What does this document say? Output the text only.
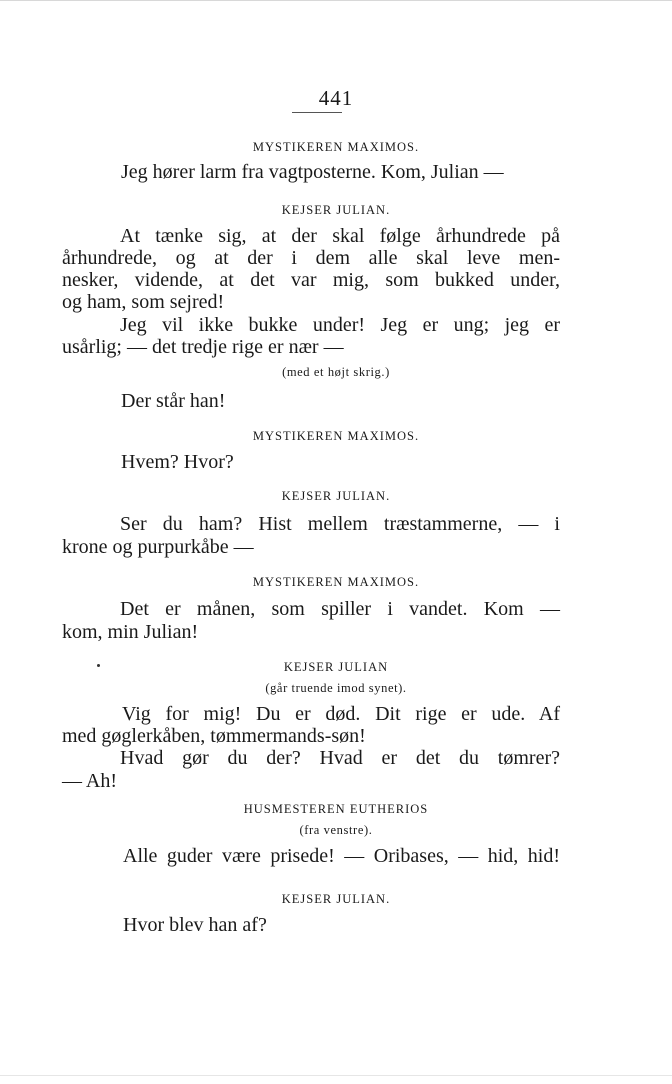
441
MYSTIKEREN MAXIMOS.
Jeg hører larm fra vagtposterne. Kom, Julian —
KEJSER JULIAN.
At tænke sig, at der skal følge århundrede på
århundrede, og at der i dem alle skal leve men-
nesker, vidende, at det var mig, som bukked under,
og ham, som sejred!
Jeg vil ikke bukke under! Jeg er ung; jeg er
usårlig; — det tredje rige er nær —
(med et højt skrig.)
Der står han!
MYSTIKEREN MAXIMOS.
Hvem? Hvor?
KEJSER JULIAN.
Ser du ham? Hist mellem træstammerne, — i
krone og purpurkåbe —
MYSTIKEREN MAXIMOS.
Det er månen, som spiller i vandet. Kom —
kom, min Julian!
KEJSER JULIAN
(går truende imod synet).
Vig for mig! Du er død. Dit rige er ude. Af
med gøglerkåben, tømmermands-søn!
Hvad gør du der? Hvad er det du tømrer?
— Ah!
HUSMESTEREN EUTHERIOS
(fra venstre).
Alle guder være prisede! — Oribases, — hid, hid!
KEJSER JULIAN.
Hvor blev han af?
